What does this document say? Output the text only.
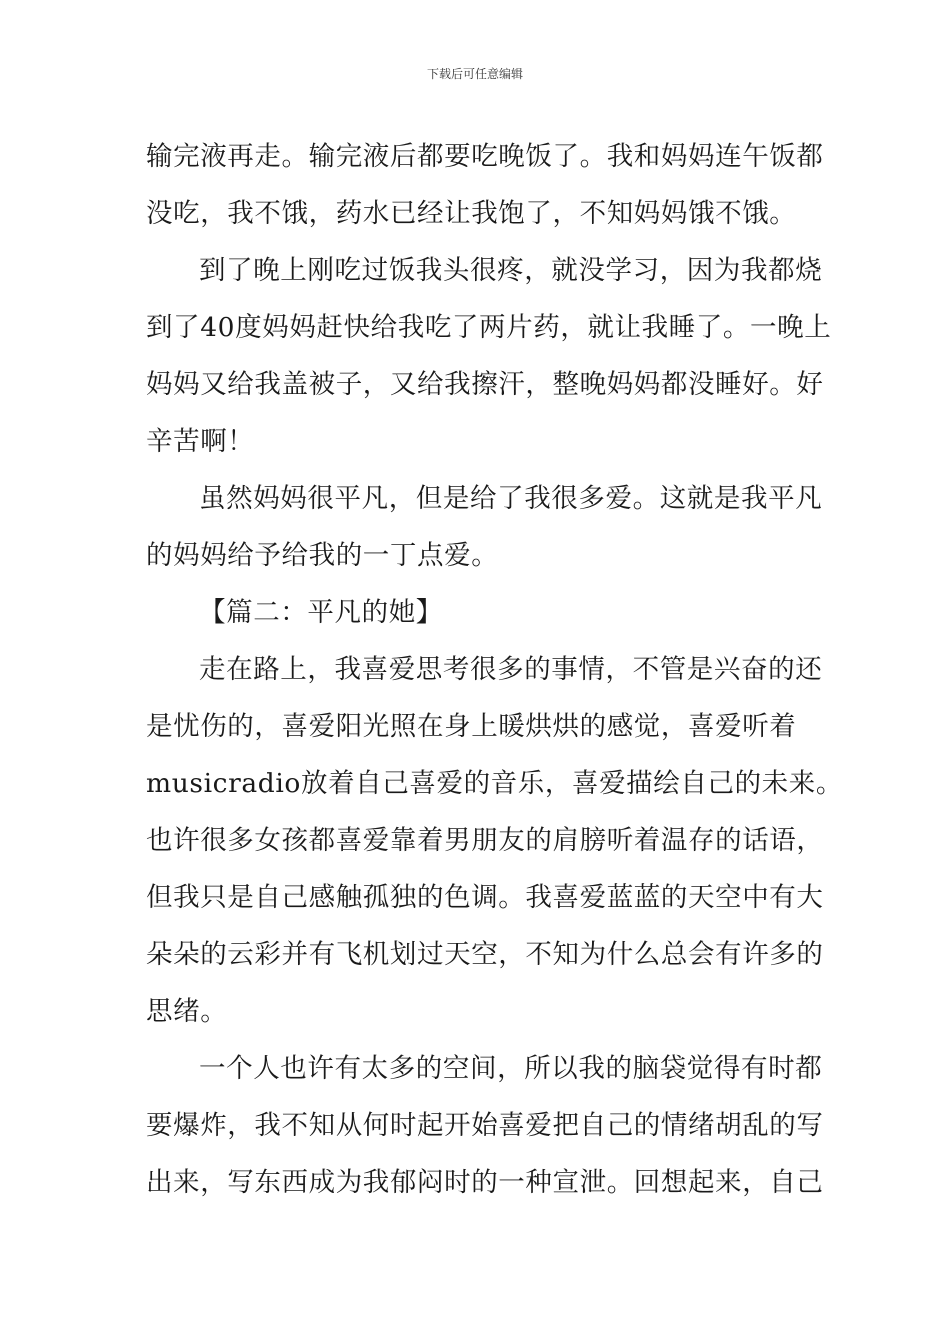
下载后可任意编辑
输完液再走。输完液后都要吃晚饭了。我和妈妈连午饭都
没吃，我不饿，药水已经让我饱了，不知妈妈饿不饿。
到了晚上刚吃过饭我头很疼，就没学习，因为我都烧
到了40度妈妈赶快给我吃了两片药，就让我睡了。一晚上
妈妈又给我盖被子，又给我擦汗，整晚妈妈都没睡好。好
辛苦啊！
虽然妈妈很平凡，但是给了我很多爱。这就是我平凡
的妈妈给予给我的一丁点爱。
【篇二：平凡的她】
走在路上，我喜爱思考很多的事情，不管是兴奋的还
是忧伤的，喜爱阳光照在身上暖烘烘的感觉，喜爱听着
musicradio放着自己喜爱的音乐，喜爱描绘自己的未来。
也许很多女孩都喜爱靠着男朋友的肩膀听着温存的话语，
但我只是自己感触孤独的色调。我喜爱蓝蓝的天空中有大
朵朵的云彩并有飞机划过天空，不知为什么总会有许多的
思绪。
一个人也许有太多的空间，所以我的脑袋觉得有时都
要爆炸，我不知从何时起开始喜爱把自己的情绪胡乱的写
出来，写东西成为我郁闷时的一种宣泄。回想起来，自己
